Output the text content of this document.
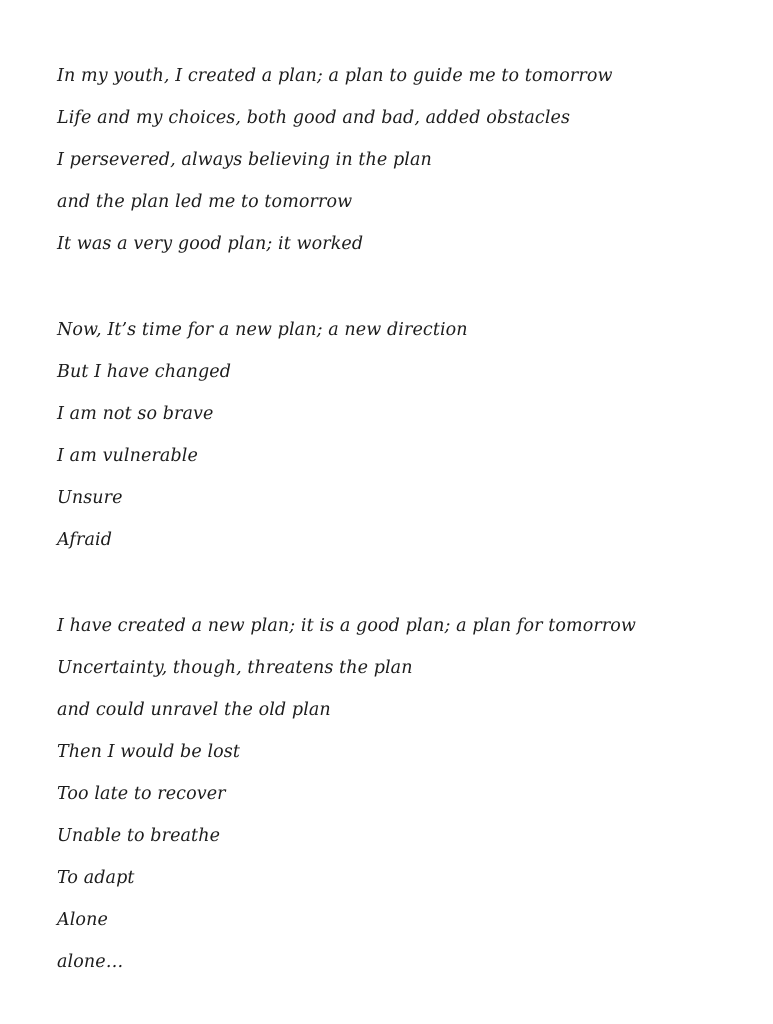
In my youth, I created a plan; a plan to guide me to tomorrow
Life and my choices, both good and bad, added obstacles
I persevered, always believing in the plan
and the plan led me to tomorrow
It was a very good plan; it worked
Now, It’s time for a new plan; a new direction
But I have changed
I am not so brave
I am vulnerable
Unsure
Afraid
I have created a new plan; it is a good plan; a plan for tomorrow
Uncertainty, though, threatens the plan
and could unravel the old plan
Then I would be lost
Too late to recover
Unable to breathe
To adapt
Alone
alone…
